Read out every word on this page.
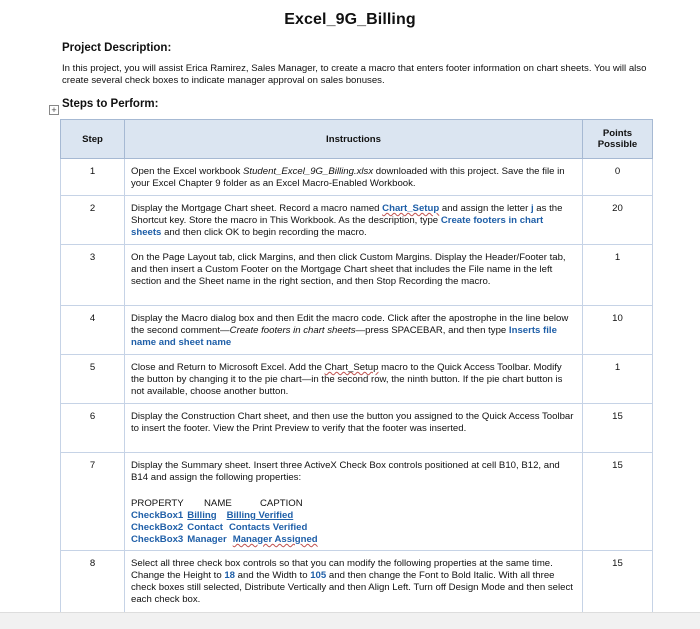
Excel_9G_Billing
Project Description:
In this project, you will assist Erica Ramirez, Sales Manager, to create a macro that enters footer information on chart sheets. You will also create several check boxes to indicate manager approval on sales bonuses.
+ Steps to Perform:
Step	Instructions	Points Possible
1	Open the Excel workbook Student_Excel_9G_Billing.xlsx downloaded with this project. Save the file in your Excel Chapter 9 folder as an Excel Macro-Enabled Workbook.	0
2	Display the Mortgage Chart sheet. Record a macro named Chart_Setup and assign the letter j as the Shortcut key. Store the macro in This Workbook. As the description, type Create footers in chart sheets and then click OK to begin recording the macro.	20
3	On the Page Layout tab, click Margins, and then click Custom Margins. Display the Header/Footer tab, and then insert a Custom Footer on the Mortgage Chart sheet that includes the File name in the left section and the Sheet name in the right section, and then Stop Recording the macro.	1
4	Display the Macro dialog box and then Edit the macro code. Click after the apostrophe in the line below the second comment—Create footers in chart sheets—press SPACEBAR, and then type Inserts file name and sheet name	10
5	Close and Return to Microsoft Excel. Add the Chart_Setup macro to the Quick Access Toolbar. Modify the button by changing it to the pie chart—in the second row, the ninth button. If the pie chart button is not available, choose another button.	1
6	Display the Construction Chart sheet, and then use the button you assigned to the Quick Access Toolbar to insert the footer. View the Print Preview to verify that the footer was inserted.	15
7	Display the Summary sheet. Insert three ActiveX Check Box controls positioned at cell B10, B12, and B14 and assign the following properties:
PROPERTY NAME CAPTION
CheckBox1 Billing Billing Verified
CheckBox2 Contact Contacts Verified
CheckBox3 Manager Manager Assigned	15
8	Select all three check box controls so that you can modify the following properties at the same time. Change the Height to 18 and the Width to 105 and then change the Font to Bold Italic. With all three check boxes still selected, Distribute Vertically and then Align Left. Turn off Design Mode and then select each check box.	15
